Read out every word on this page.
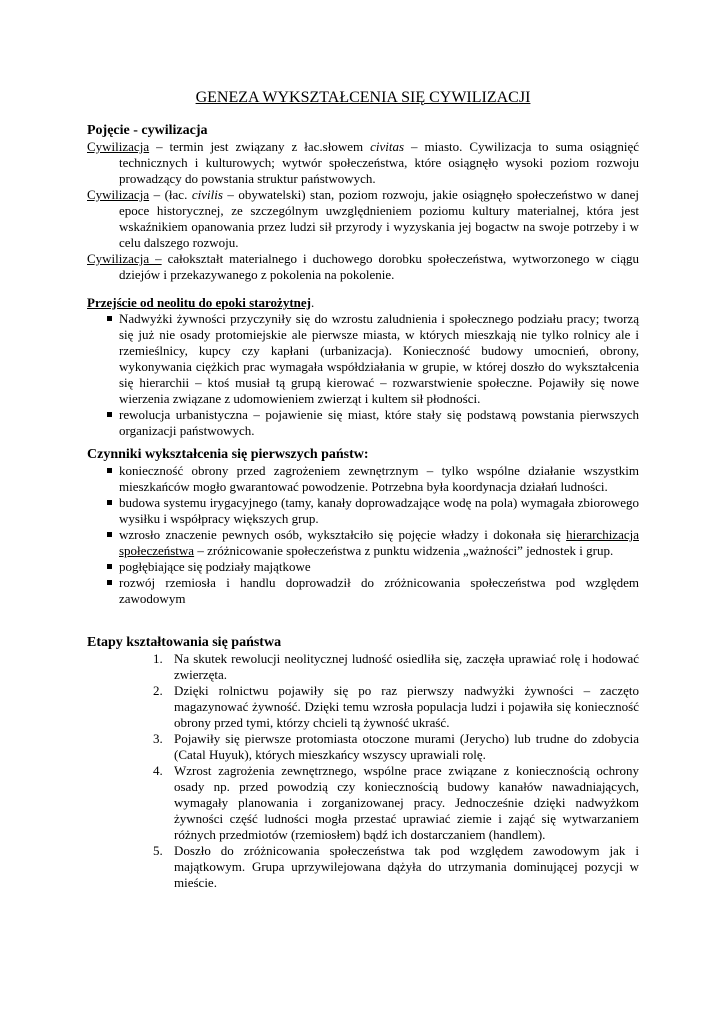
GENEZA WYKSZTAŁCENIA SIĘ CYWILIZACJI
Pojęcie - cywilizacja

Cywilizacja – termin jest związany z łac.słowem civitas – miasto. Cywilizacja to suma osiągnięć technicznych i kulturowych; wytwór społeczeństwa, które osiągnęło wysoki poziom rozwoju prowadzący do powstania struktur państwowych.

Cywilizacja – (łac. civilis – obywatelski) stan, poziom rozwoju, jakie osiągnęło społeczeństwo w danej epoce historycznej, ze szczególnym uwzględnieniem poziomu kultury materialnej, która jest wskaźnikiem opanowania przez ludzi sił przyrody i wyzyskania jej bogactw na swoje potrzeby i w celu dalszego rozwoju.

Cywilizacja – całokształt materialnego i duchowego dorobku społeczeństwa, wytworzonego w ciągu dziejów i przekazywanego z pokolenia na pokolenie.

Przejście od neolitu do epoki starożytnej.
Nadwyżki żywności przyczyniły się do wzrostu zaludnienia i społecznego podziału pracy; tworzą się już nie osady protomiejskie ale pierwsze miasta, w których mieszkają nie tylko rolnicy ale i rzemieślnicy, kupcy czy kapłani (urbanizacja). Konieczność budowy umocnień, obrony, wykonywania ciężkich prac wymagała współdziałania w grupie, w której doszło do wykształcenia się hierarchii – ktoś musiał tą grupą kierować – rozwarstwienie społeczne. Pojawiły się nowe wierzenia związane z udomowieniem zwierząt i kultem sił płodności.
rewolucja urbanistyczna – pojawienie się miast, które stały się podstawą powstania pierwszych organizacji państwowych.
Czynniki wykształcenia się pierwszych państw:
konieczność obrony przed zagrożeniem zewnętrznym – tylko wspólne działanie wszystkim mieszkańców mogło gwarantować powodzenie. Potrzebna była koordynacja działań ludności.
budowa systemu irygacyjnego (tamy, kanały doprowadzające wodę na pola) wymagała zbiorowego wysiłku i współpracy większych grup.
wzrosło znaczenie pewnych osób, wykształciło się pojęcie władzy i dokonała się hierarchizacja społeczeństwa – zróżnicowanie społeczeństwa z punktu widzenia „ważności” jednostek i grup.
pogłębiające się podziały majątkowe
rozwój rzemiosła i handlu doprowadził do zróżnicowania społeczeństwa pod względem zawodowym
Etapy kształtowania się państwa
1. Na skutek rewolucji neolitycznej ludność osiedliła się, zaczęła uprawiać rolę i hodować zwierzęta.
2. Dzięki rolnictwu pojawiły się po raz pierwszy nadwyżki żywności – zaczęto magazynować żywność. Dzięki temu wzrosła populacja ludzi i pojawiła się konieczność obrony przed tymi, którzy chcieli tą żywność ukraść.
3. Pojawiły się pierwsze protomiasta otoczone murami (Jerycho) lub trudne do zdobycia (Catal Huyuk), których mieszkańcy wszyscy uprawiali rolę.
4. Wzrost zagrożenia zewnętrznego, wspólne prace związane z koniecznością ochrony osady np. przed powodzią czy koniecznością budowy kanałów nawadniających, wymagały planowania i zorganizowanej pracy. Jednocześnie dzięki nadwyżkom żywności część ludności mogła przestać uprawiać ziemie i zająć się wytwarzaniem różnych przedmiotów (rzemiosłem) bądź ich dostarczaniem (handlem).
5. Doszło do zróżnicowania społeczeństwa tak pod względem zawodowym jak i majątkowym. Grupa uprzywilejowana dążyła do utrzymania dominującej pozycji w mieście.
